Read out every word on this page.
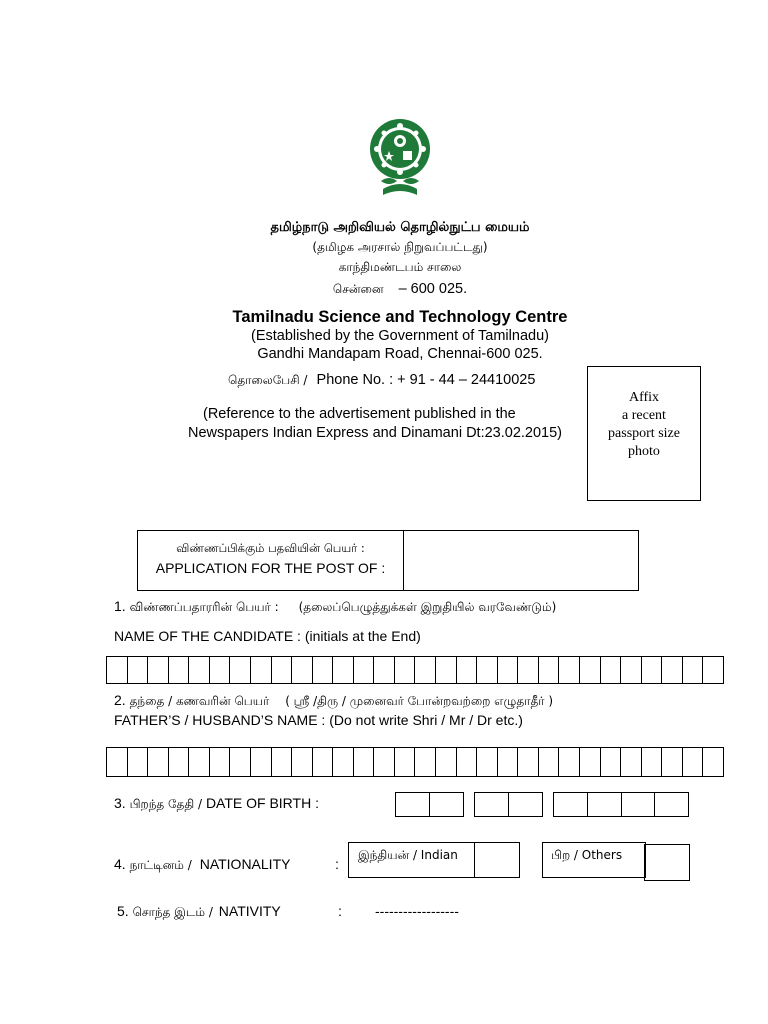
தமிழ்நாடு அறிவியல் தொழில்நுட்ப மையம்
(தமிழக அரசால் நிறுவப்பட்டது)
காந்திமண்டபம் சாலை
சென்னை – 600 025.
Tamilnadu Science and Technology Centre
(Established by the Government of Tamilnadu)
Gandhi Mandapam Road, Chennai-600 025.
தொலைபேசி / Phone No. : + 91 - 44 – 24410025
(Reference to the advertisement published in the
Newspapers Indian Express and Dinamani Dt:23.02.2015)
Affix
a recent
passport size
photo
விண்ணப்பிக்கும் பதவியின் பெயர் :
APPLICATION FOR THE POST OF :
1. விண்ணப்பதாரரின் பெயர் : (தலைப்பெழுத்துக்கள் இறுதியில் வரவேண்டும்)
NAME OF THE CANDIDATE : (initials at the End)
2. தந்தை / கணவரின் பெயர் ( ஸ்ரீ /திரு / முனைவர் போன்றவற்றை எழுதாதீர் )
FATHER’S / HUSBAND’S NAME : (Do not write Shri / Mr / Dr etc.)
3. பிறந்த தேதி / DATE OF BIRTH :
4. நாட்டினம் / NATIONALITY	:
இந்தியன் / Indian	பிற / Others
5. சொந்த இடம் / NATIVITY	: ------------------
